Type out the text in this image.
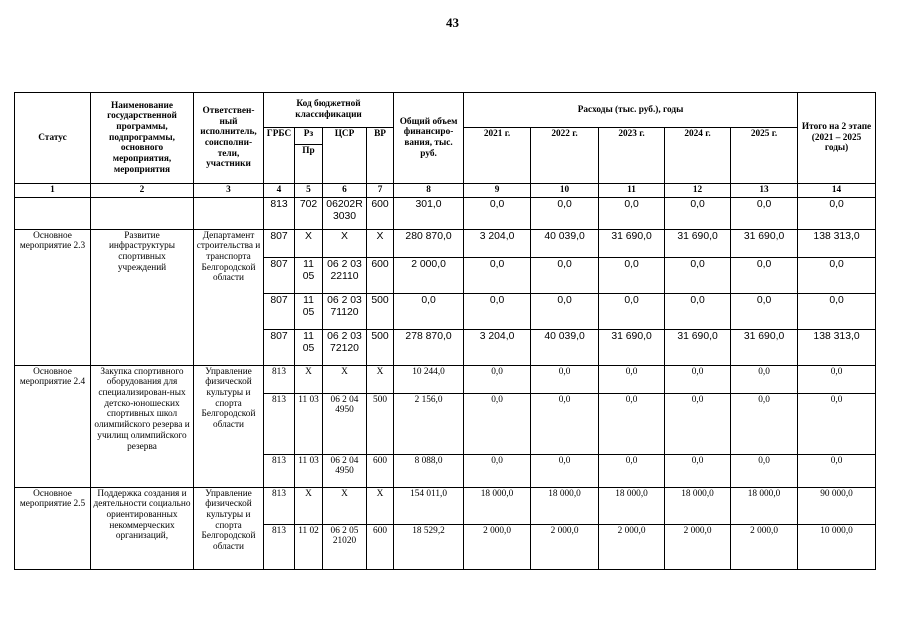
43
Статус	Наименование государственной программы, подпрограммы, основного мероприятия, мероприятия	Ответствен-ный исполнитель, соисполни-тели, участники	Код бюджетной классификации				Общий объем финансиро-вания, тыс. руб.	Расходы (тыс. руб.), годы					Итого на 2 этапе (2021 – 2025 годы)
			ГРБС	Рз	ЦСР	ВР		2021 г.	2022 г.	2023 г.	2024 г.	2025 г.	
				Пр									
1	2	3	4	5	6	7	8	9	10	11	12	13	14
			813	702	06202R 3030	600	301,0	0,0	0,0	0,0	0,0	0,0	0,0
Основное мероприятие 2.3	Развитие инфраструктуры спортивных учреждений	Департамент строительства и транспорта Белгородской области	807	X	X	X	280 870,0	3 204,0	40 039,0	31 690,0	31 690,0	31 690,0	138 313,0
			807	11 05	06 2 03 22110	600	2 000,0	0,0	0,0	0,0	0,0	0,0	0,0
			807	11 05	06 2 03 71120	500	0,0	0,0	0,0	0,0	0,0	0,0	0,0
			807	11 05	06 2 03 72120	500	278 870,0	3 204,0	40 039,0	31 690,0	31 690,0	31 690,0	138 313,0
Основное мероприятие 2.4	Закупка спортивного оборудования для специализирован-ных детско-юношеских спортивных школ олимпийского резерва и училищ олимпийского резерва	Управление физической культуры и спорта Белгородской области	813	X	X	X	10 244,0	0,0	0,0	0,0	0,0	0,0	0,0
			813	11 03	06 2 04 4950	500	2 156,0	0,0	0,0	0,0	0,0	0,0	0,0
			813	11 03	06 2 04 4950	600	8 088,0	0,0	0,0	0,0	0,0	0,0	0,0
Основное мероприятие 2.5	Поддержка создания и деятельности социально ориентированных некоммерческих организаций,	Управление физической культуры и спорта Белгородской области	813	X	X	X	154 011,0	18 000,0	18 000,0	18 000,0	18 000,0	18 000,0	90 000,0
			813	11 02	06 2 05 21020	600	18 529,2	2 000,0	2 000,0	2 000,0	2 000,0	2 000,0	10 000,0
